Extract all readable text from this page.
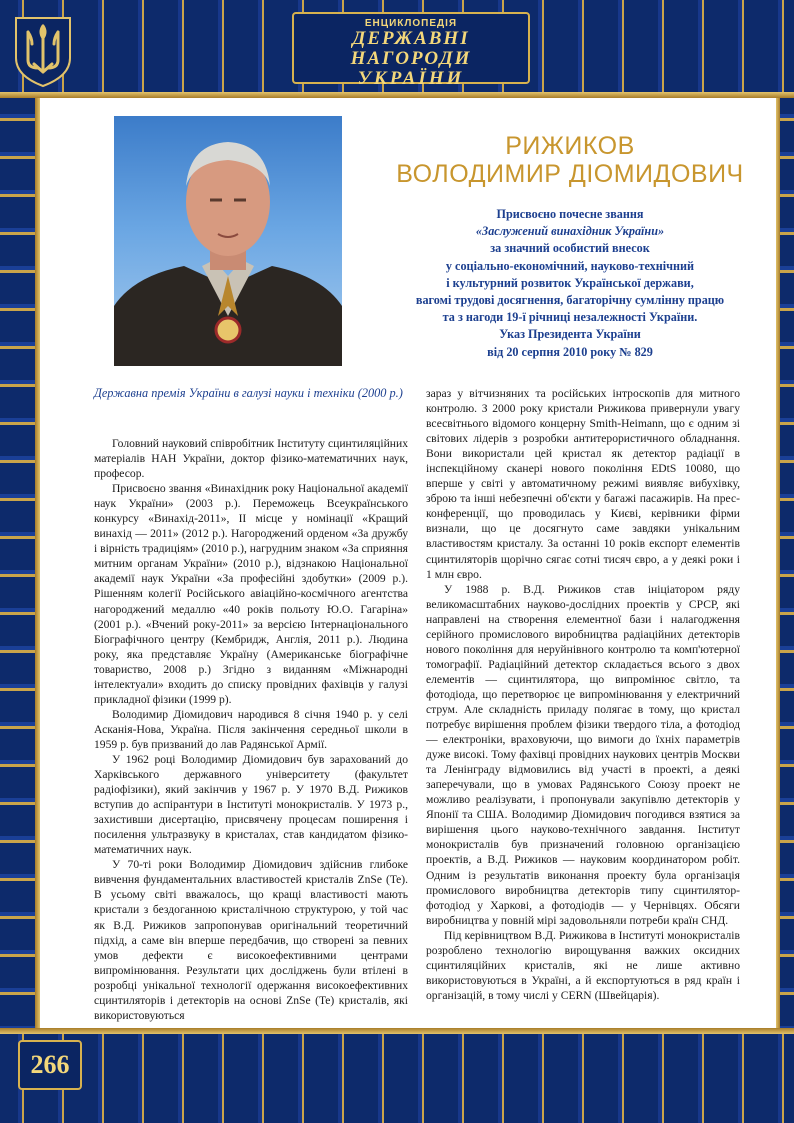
ЕНЦИКЛОПЕДІЯ
ДЕРЖАВНІ НАГОРОДИ
УКРАЇНИ
266
РИЖИКОВ
ВОЛОДИМИР ДІОМИДОВИЧ
Присвоєно почесне звання
«Заслужений винахідник України»
за значний особистий внесок
у соціально-економічний, науково-технічний
і культурний розвиток Української держави,
вагомі трудові досягнення, багаторічну сумлінну працю
та з нагоди 19-ї річниці незалежності України.
Указ Президента України
від 20 серпня 2010 року № 829
Державна премія України в галузі науки і техніки (2000 р.)

Головний науковий співробітник Інституту сцинтиляційних матеріалів НАН України, доктор фізико-математичних наук, професор.

Присвоєно звання «Винахідник року Національної академії наук України» (2003 р.). Переможець Всеукраїнського конкурсу «Винахід-2011», ІІ місце у номінації «Кращий винахід — 2011» (2012 р.). Нагороджений орденом «За дружбу і вірність традиціям» (2010 р.), нагрудним знаком «За сприяння митним органам України» (2010 р.), відзнакою Національної академії наук України «За професійні здобутки» (2009 р.). Рішенням колегії Російського авіаційно-космічного агентства нагороджений медаллю «40 років польоту Ю.О. Гагаріна» (2001 р.). «Вчений року-2011» за версією Інтернаціонального Біографічного центру (Кембридж, Англія, 2011 р.). Людина року, яка представляє Україну (Американське біографічне товариство, 2008 р.) Згідно з виданням «Міжнародні інтелектуали» входить до списку провідних фахівців у галузі прикладної фізики (1999 р).

Володимир Діомидович народився 8 січня 1940 р. у селі Асканія-Нова, Україна. Після закінчення середньої школи в 1959 р. був призваний до лав Радянської Армії.

У 1962 році Володимир Діомидович був зарахований до Харківського державного університету (факультет радіофізики), який закінчив у 1967 р. У 1970 В.Д. Рижиков вступив до аспірантури в Інституті монокристалів. У 1973 р., захистивши дисертацію, присвячену процесам поширення і посилення ультразвуку в кристалах, став кандидатом фізико-математичних наук.

У 70-ті роки Володимир Діомидович здійснив глибоке вивчення фундаментальних властивостей кристалів ZnSe (Te). В усьому світі вважалось, що кращі властивості мають кристали з бездоганною кристалічною структурою, у той час як В.Д. Рижиков запропонував оригінальний теоретичний підхід, а саме він вперше передбачив, що створені за певних умов дефекти є високоефективними центрами випромінювання. Результати цих досліджень були втілені в розробці унікальної технології одержання високоефективних сцинтиляторів і детекторів на основі ZnSe (Te) кристалів, які використовуються

зараз у вітчизняних та російських інтроскопів для митного контролю. З 2000 року кристали Рижикова привернули увагу всесвітнього відомого концерну Smith-Heimann, що є одним зі світових лідерів з розробки антитерористичного обладнання. Вони використали цей кристал як детектор радіації в інспекційному сканері нового покоління EDtS 10080, що вперше у світі у автоматичному режимі виявляє вибухівку, зброю та інші небезпечні об'єкти у багажі пасажирів. На прес-конференції, що проводилась у Києві, керівники фірми визнали, що це досягнуто саме завдяки унікальним властивостям кристалу. За останні 10 років експорт елементів сцинтиляторів щорічно сягає сотні тисяч євро, а у деякі роки і 1 млн євро.

У 1988 р. В.Д. Рижиков став ініціатором ряду великомасштабних науково-дослідних проектів у СРСР, які направлені на створення елементної бази і налагодження серійного промислового виробництва радіаційних детекторів нового покоління для неруйнівного контролю та комп'ютерної томографії. Радіаційний детектор складається всього з двох елементів — сцинтилятора, що випромінює світло, та фотодіода, що перетворює це випромінювання у електричний струм. Але складність приладу полягає в тому, що кристал потребує вирішення проблем фізики твердого тіла, а фотодіод — електроніки, враховуючи, що вимоги до їхніх параметрів дуже високі. Тому фахівці провідних наукових центрів Москви та Ленінграду відмовились від участі в проекті, а деякі заперечували, що в умовах Радянського Союзу проект не можливо реалізувати, і пропонували закупівлю детекторів у Японії та США. Володимир Діомидович погодився взятися за вирішення цього науково-технічного завдання. Інститут монокристалів був призначений головною організацією проектів, а В.Д. Рижиков — науковим координатором робіт. Одним із результатів виконання проекту була організація промислового виробництва детекторів типу сцинтилятор-фотодіод у Харкові, а фотодіодів — у Чернівцях. Обсяги виробництва у повній мірі задовольняли потреби країн СНД.

Під керівництвом В.Д. Рижикова в Інституті монокристалів розроблено технологію вирощування важких оксидних сцинтиляційних кристалів, які не лише активно використовуються в Україні, а й експортуються в ряд країн і організацій, в тому числі у CERN (Швейцарія).
